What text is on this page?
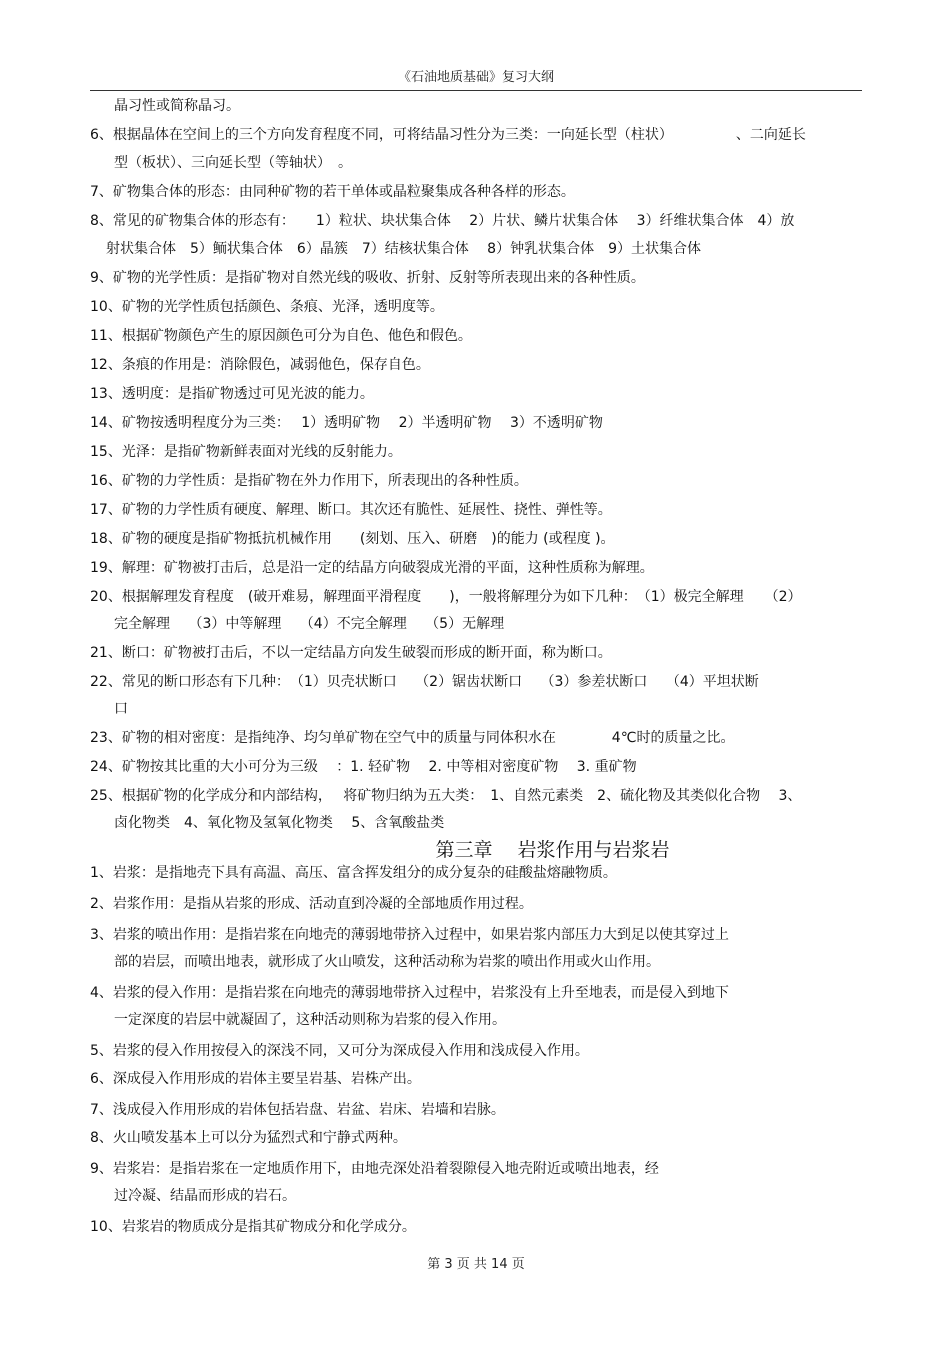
《石油地质基础》复习大纲
晶习性或简称晶习。
6、根据晶体在空间上的三个方向发育程度不同，可将结晶习性分为三类：一向延长型（柱状）　　　　　、二向延长
型（板状）、三向延长型（等轴状）　。
7、矿物集合体的形态：由同种矿物的若干单体或晶粒聚集成各种各样的形态。
8、常见的矿物集合体的形态有：　　1）粒状、块状集合体　 2）片状、鳞片状集合体　 3）纤维状集合体　4）放
射状集合体　5）鲕状集合体　6）晶簇　7）结核状集合体　 8）钟乳状集合体　9）土状集合体
9、矿物的光学性质：是指矿物对自然光线的吸收、折射、反射等所表现出来的各种性质。
10、矿物的光学性质包括颜色、条痕、光泽，透明度等。
11、根据矿物颜色产生的原因颜色可分为自色、他色和假色。
12、条痕的作用是：消除假色，减弱他色，保存自色。
13、透明度：是指矿物透过可见光波的能力。
14、矿物按透明程度分为三类：　 1）透明矿物　 2）半透明矿物　 3）不透明矿物
15、光泽：是指矿物新鲜表面对光线的反射能力。
16、矿物的力学性质：是指矿物在外力作用下，所表现出的各种性质。
17、矿物的力学性质有硬度、解理、断口。其次还有脆性、延展性、挠性、弹性等。
18、矿物的硬度是指矿物抵抗机械作用　　(刻划、压入、研磨　)的能力 (或程度 )。
19、解理：矿物被打击后，总是沿一定的结晶方向破裂成光滑的平面，这种性质称为解理。
20、根据解理发育程度　(破开难易，解理面平滑程度　　)，一般将解理分为如下几种：　（1）极完全解理　　（2）
完全解理　 （3）中等解理　 （4）不完全解理　 （5）无解理
21、断口：矿物被打击后，不以一定结晶方向发生破裂而形成的断开面，称为断口。
22、常见的断口形态有下几种：　（1）贝壳状断口　 （2）锯齿状断口　 （3）参差状断口　 （4）平坦状断
口
23、矿物的相对密度：是指纯净、均匀单矿物在空气中的质量与同体积水在　　　　4℃时的质量之比。
24、矿物按其比重的大小可分为三级　 ：1. 轻矿物　 2. 中等相对密度矿物　 3. 重矿物
25、根据矿物的化学成分和内部结构，　 将矿物归纳为五大类：　1、自然元素类　2、硫化物及其类似化合物　 3、
卤化物类　4、氧化物及氢氧化物类　 5、含氧酸盐类
第三章　 岩浆作用与岩浆岩
1、岩浆：是指地壳下具有高温、高压、富含挥发组分的成分复杂的硅酸盐熔融物质。
2、岩浆作用：是指从岩浆的形成、活动直到冷凝的全部地质作用过程。
3、岩浆的喷出作用：是指岩浆在向地壳的薄弱地带挤入过程中，如果岩浆内部压力大到足以使其穿过上
部的岩层，而喷出地表，就形成了火山喷发，这种活动称为岩浆的喷出作用或火山作用。
4、岩浆的侵入作用：是指岩浆在向地壳的薄弱地带挤入过程中，岩浆没有上升至地表，而是侵入到地下
一定深度的岩层中就凝固了，这种活动则称为岩浆的侵入作用。
5、岩浆的侵入作用按侵入的深浅不同，又可分为深成侵入作用和浅成侵入作用。
6、深成侵入作用形成的岩体主要呈岩基、岩株产出。
7、浅成侵入作用形成的岩体包括岩盘、岩盆、岩床、岩墙和岩脉。
8、火山喷发基本上可以分为猛烈式和宁静式两种。
9、岩浆岩：是指岩浆在一定地质作用下，由地壳深处沿着裂隙侵入地壳附近或喷出地表，经
过冷凝、结晶而形成的岩石。
10、岩浆岩的物质成分是指其矿物成分和化学成分。
第 3 页 共 14 页
